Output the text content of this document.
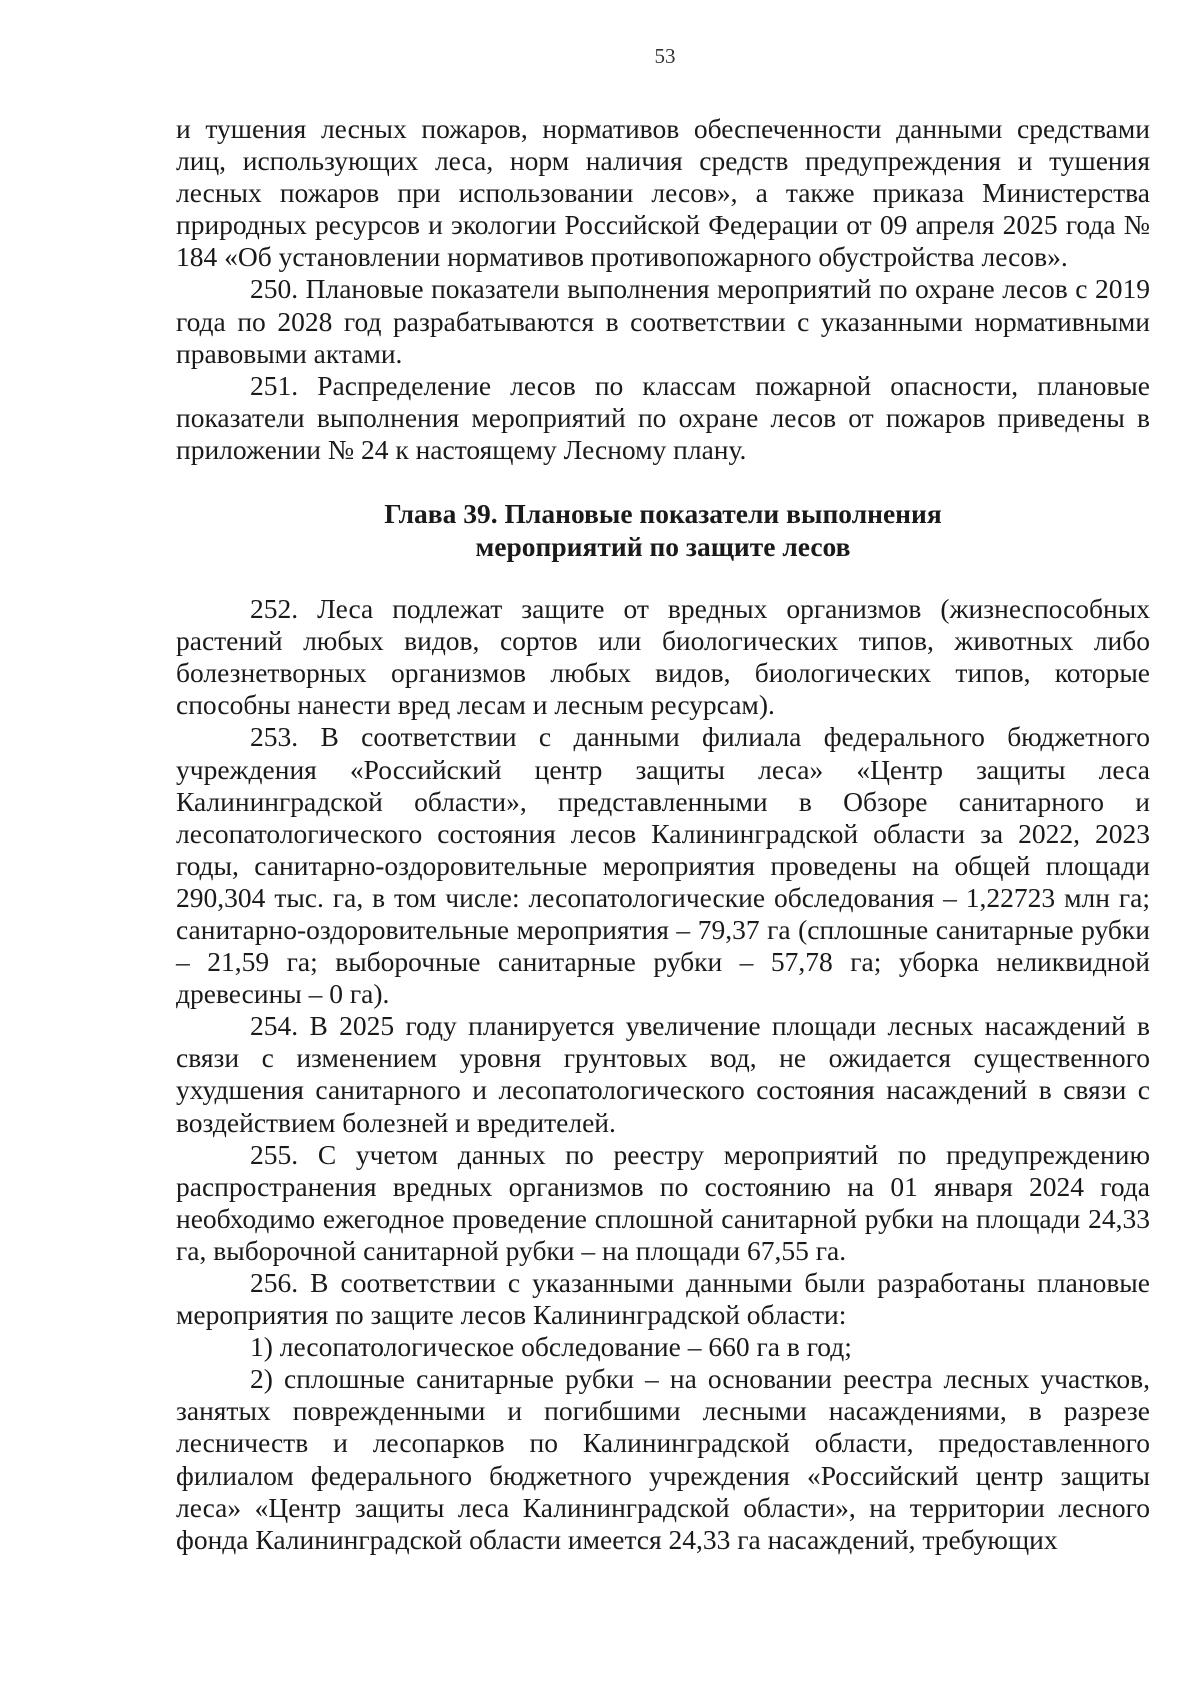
53

и тушения лесных пожаров, нормативов обеспеченности данными средствами лиц, использующих леса, норм наличия средств предупреждения и тушения лесных пожаров при использовании лесов», а также приказа Министерства природных ресурсов и экологии Российской Федерации от 09 апреля 2025 года № 184 «Об установлении нормативов противопожарного обустройства лесов».

250. Плановые показатели выполнения мероприятий по охране лесов с 2019 года по 2028 год разрабатываются в соответствии с указанными нормативными правовыми актами.

251. Распределение лесов по классам пожарной опасности, плановые показатели выполнения мероприятий по охране лесов от пожаров приведены в приложении № 24 к настоящему Лесному плану.

Глава 39. Плановые показатели выполнения
мероприятий по защите лесов

252. Леса подлежат защите от вредных организмов (жизнеспособных растений любых видов, сортов или биологических типов, животных либо болезнетворных организмов любых видов, биологических типов, которые способны нанести вред лесам и лесным ресурсам).

253. В соответствии с данными филиала федерального бюджетного учреждения «Российский центр защиты леса» «Центр защиты леса Калининградской области», представленными в Обзоре санитарного и лесопатологического состояния лесов Калининградской области за 2022, 2023 годы, санитарно-оздоровительные мероприятия проведены на общей площади 290,304 тыс. га, в том числе: лесопатологические обследования – 1,22723 млн га; санитарно-оздоровительные мероприятия – 79,37 га (сплошные санитарные рубки – 21,59 га; выборочные санитарные рубки – 57,78 га; уборка неликвидной древесины – 0 га).

254. В 2025 году планируется увеличение площади лесных насаждений в связи с изменением уровня грунтовых вод, не ожидается существенного ухудшения санитарного и лесопатологического состояния насаждений в связи с воздействием болезней и вредителей.

255. С учетом данных по реестру мероприятий по предупреждению распространения вредных организмов по состоянию на 01 января 2024 года необходимо ежегодное проведение сплошной санитарной рубки на площади 24,33 га, выборочной санитарной рубки – на площади 67,55 га.

256. В соответствии с указанными данными были разработаны плановые мероприятия по защите лесов Калининградской области:

1) лесопатологическое обследование – 660 га в год;

2) сплошные санитарные рубки – на основании реестра лесных участков, занятых поврежденными и погибшими лесными насаждениями, в разрезе лесничеств и лесопарков по Калининградской области, предоставленного филиалом федерального бюджетного учреждения «Российский центр защиты леса» «Центр защиты леса Калининградской области», на территории лесного фонда Калининградской области имеется 24,33 га насаждений, требующих
